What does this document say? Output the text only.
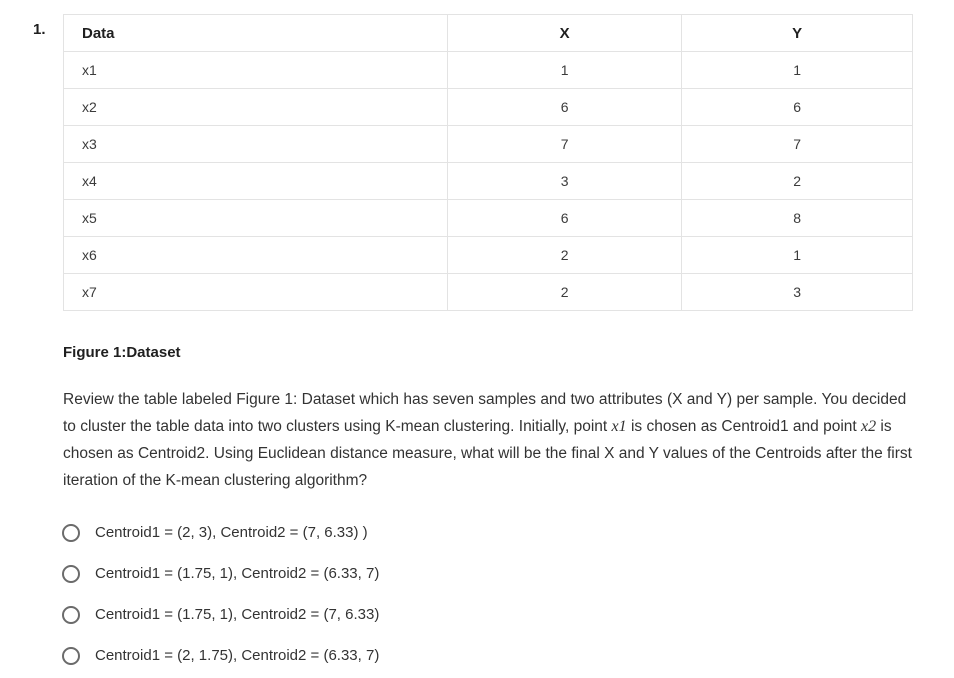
1. Data	X	Y
x1	1	1
x2	6	6
x3	7	7
x4	3	2
x5	6	8
x6	2	1
x7	2	3
Figure 1:Dataset
Review the table labeled Figure 1: Dataset which has seven samples and two attributes (X and Y) per sample. You decided to cluster the table data into two clusters using K-mean clustering. Initially, point x1 is chosen as Centroid1 and point x2 is chosen as Centroid2. Using Euclidean distance measure, what will be the final X and Y values of the Centroids after the first iteration of the K-mean clustering algorithm?
Centroid1 = (2, 3), Centroid2 = (7, 6.33) )
Centroid1 = (1.75, 1), Centroid2 = (6.33, 7)
Centroid1 = (1.75, 1), Centroid2 = (7, 6.33)
Centroid1 = (2, 1.75), Centroid2 = (6.33, 7)
